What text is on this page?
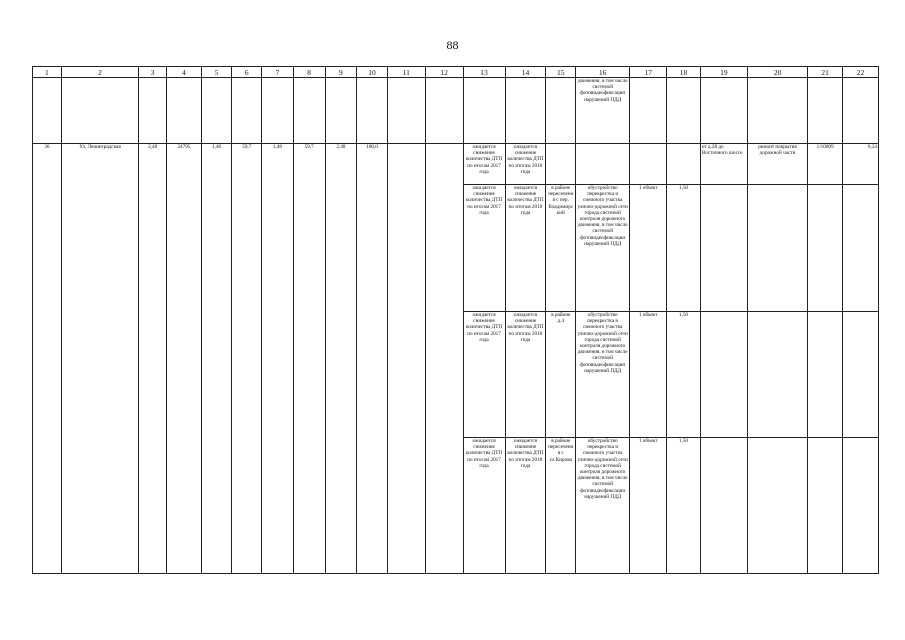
88
1	2	3	4	5	6	7	8	9	10	11	12	13	14	15	16	17	18	19	20	21	22
															движения, в том числе системой фотовидеофиксации нарушений ПДД						
36	Ул. Ленинградская	2,48	24795	1,46	59,7	1,48	59,7	2,48	100,0			ожидается снижение количества ДТП по итогам 2017 года	ожидается снижение количества ДТП по итогам 2018 года					от д.28 до Восточного шоссе	ремонт покрытия дорожной части	1/10009	0,24
												ожидается снижение количества ДТП по итогам 2017 года	ожидается снижение количества ДТП по итогам 2018 года	в районе пересечения с пер. Владимирский	обустройство перекрестка и смежного участка улично-дорожной сети города системой контроля дорожного движения, в том числе системой фотовидеофиксации нарушений ПДД	1 объект	1,50				
												ожидается снижение количества ДТП по итогам 2017 года	ожидается снижение количества ДТП по итогам 2018 года	в районе д.4	обустройство перекрестка и смежного участка улично-дорожной сети города системой контроля дорожного движения, в том числе системой фотовидеофиксации нарушений ПДД	1 объект	1,50				
												ожидается снижение количества ДТП по итогам 2017 года	ожидается снижение количества ДТП по итогам 2018 года	в районе пересечения с ул.Кирова	обустройство перекрестка и смежного участка улично-дорожной сети города системой контроля дорожного движения, в том числе системой фотовидеофиксации нарушений ПДД	1 объект	1,50				
